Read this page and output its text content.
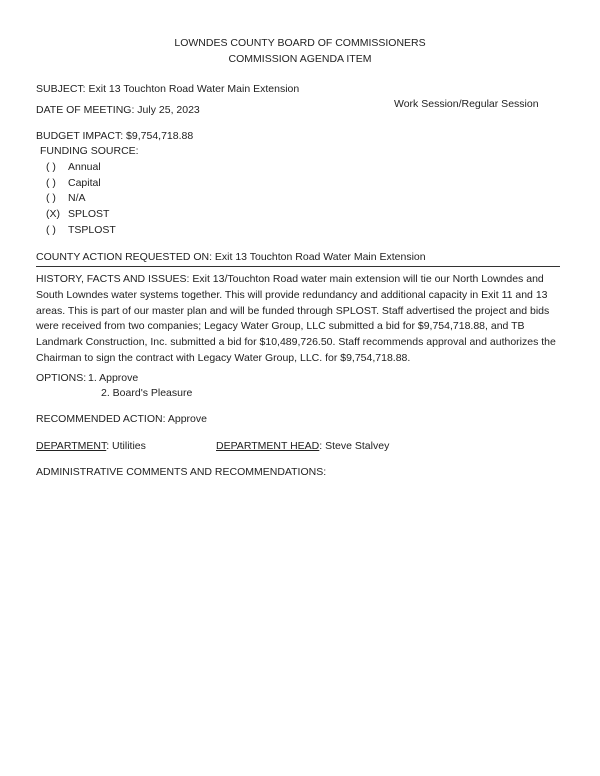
LOWNDES COUNTY BOARD OF COMMISSIONERS
COMMISSION AGENDA ITEM
SUBJECT: Exit 13 Touchton Road Water Main Extension
DATE OF MEETING: July 25, 2023	Work Session/Regular Session
BUDGET IMPACT: $9,754,718.88
FUNDING SOURCE:
( ) Annual
( ) Capital
( ) N/A
(X) SPLOST
( ) TSPLOST
COUNTY ACTION REQUESTED ON: Exit 13 Touchton Road Water Main Extension
HISTORY, FACTS AND ISSUES: Exit 13/Touchton Road water main extension will tie our North Lowndes and South Lowndes water systems together. This will provide redundancy and additional capacity in Exit 11 and 13 areas. This is part of our master plan and will be funded through SPLOST. Staff advertised the project and bids were received from two companies; Legacy Water Group, LLC submitted a bid for $9,754,718.88, and TB Landmark Construction, Inc. submitted a bid for $10,489,726.50. Staff recommends approval and authorizes the Chairman to sign the contract with Legacy Water Group, LLC. for $9,754,718.88.
OPTIONS: 1. Approve
2. Board's Pleasure
RECOMMENDED ACTION: Approve
DEPARTMENT: Utilities	DEPARTMENT HEAD: Steve Stalvey
ADMINISTRATIVE COMMENTS AND RECOMMENDATIONS:
